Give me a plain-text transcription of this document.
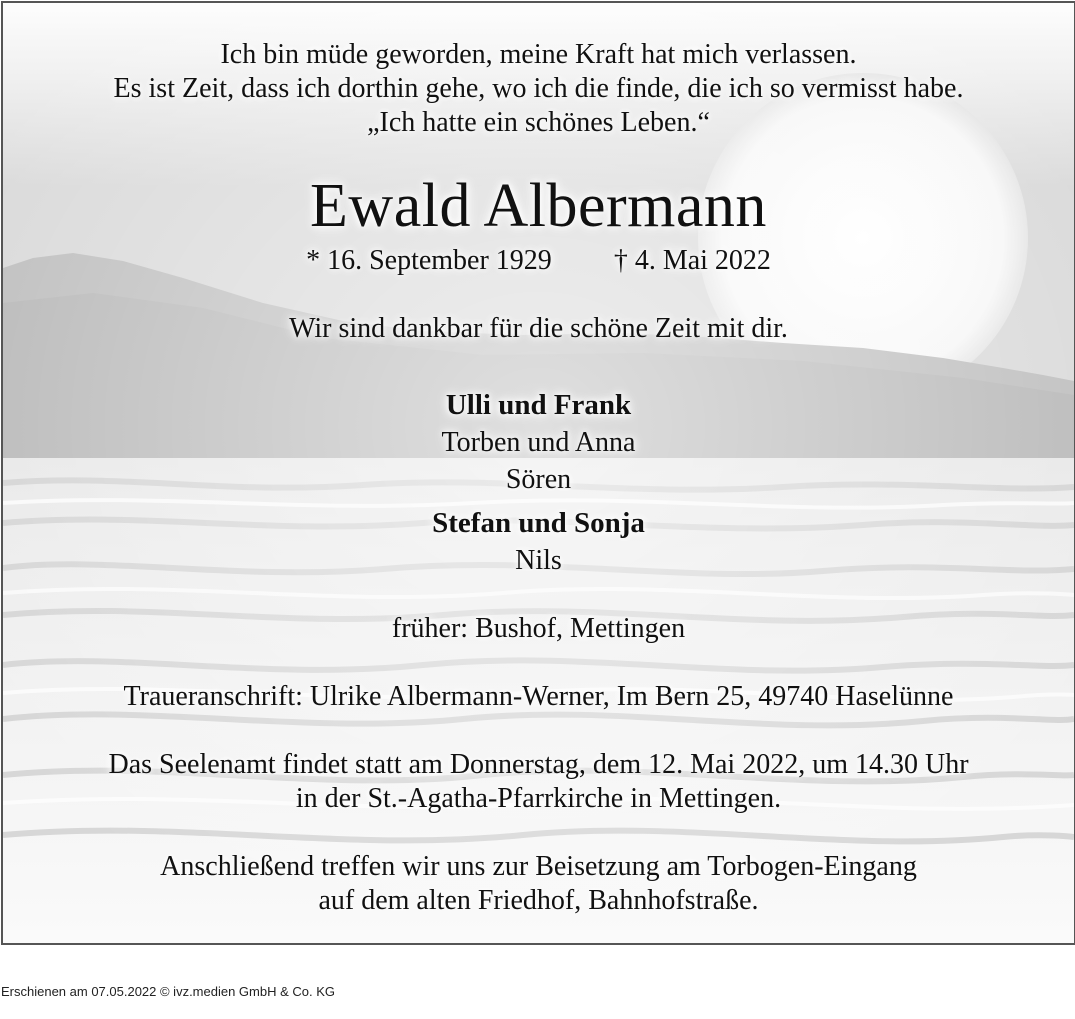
Ich bin müde geworden, meine Kraft hat mich verlassen.
Es ist Zeit, dass ich dorthin gehe, wo ich die finde, die ich so vermisst habe.
„Ich hatte ein schönes Leben.“
Ewald Albermann
* 16. September 1929 † 4. Mai 2022
Wir sind dankbar für die schöne Zeit mit dir.
Ulli und Frank
Torben und Anna
Sören
Stefan und Sonja
Nils
früher: Bushof, Mettingen
Traueranschrift: Ulrike Albermann-Werner, Im Bern 25, 49740 Haselünne
Das Seelenamt findet statt am Donnerstag, dem 12. Mai 2022, um 14.30 Uhr
in der St.-Agatha-Pfarrkirche in Mettingen.
Anschließend treffen wir uns zur Beisetzung am Torbogen-Eingang
auf dem alten Friedhof, Bahnhofstraße.
Erschienen am 07.05.2022 © ivz.medien GmbH & Co. KG
